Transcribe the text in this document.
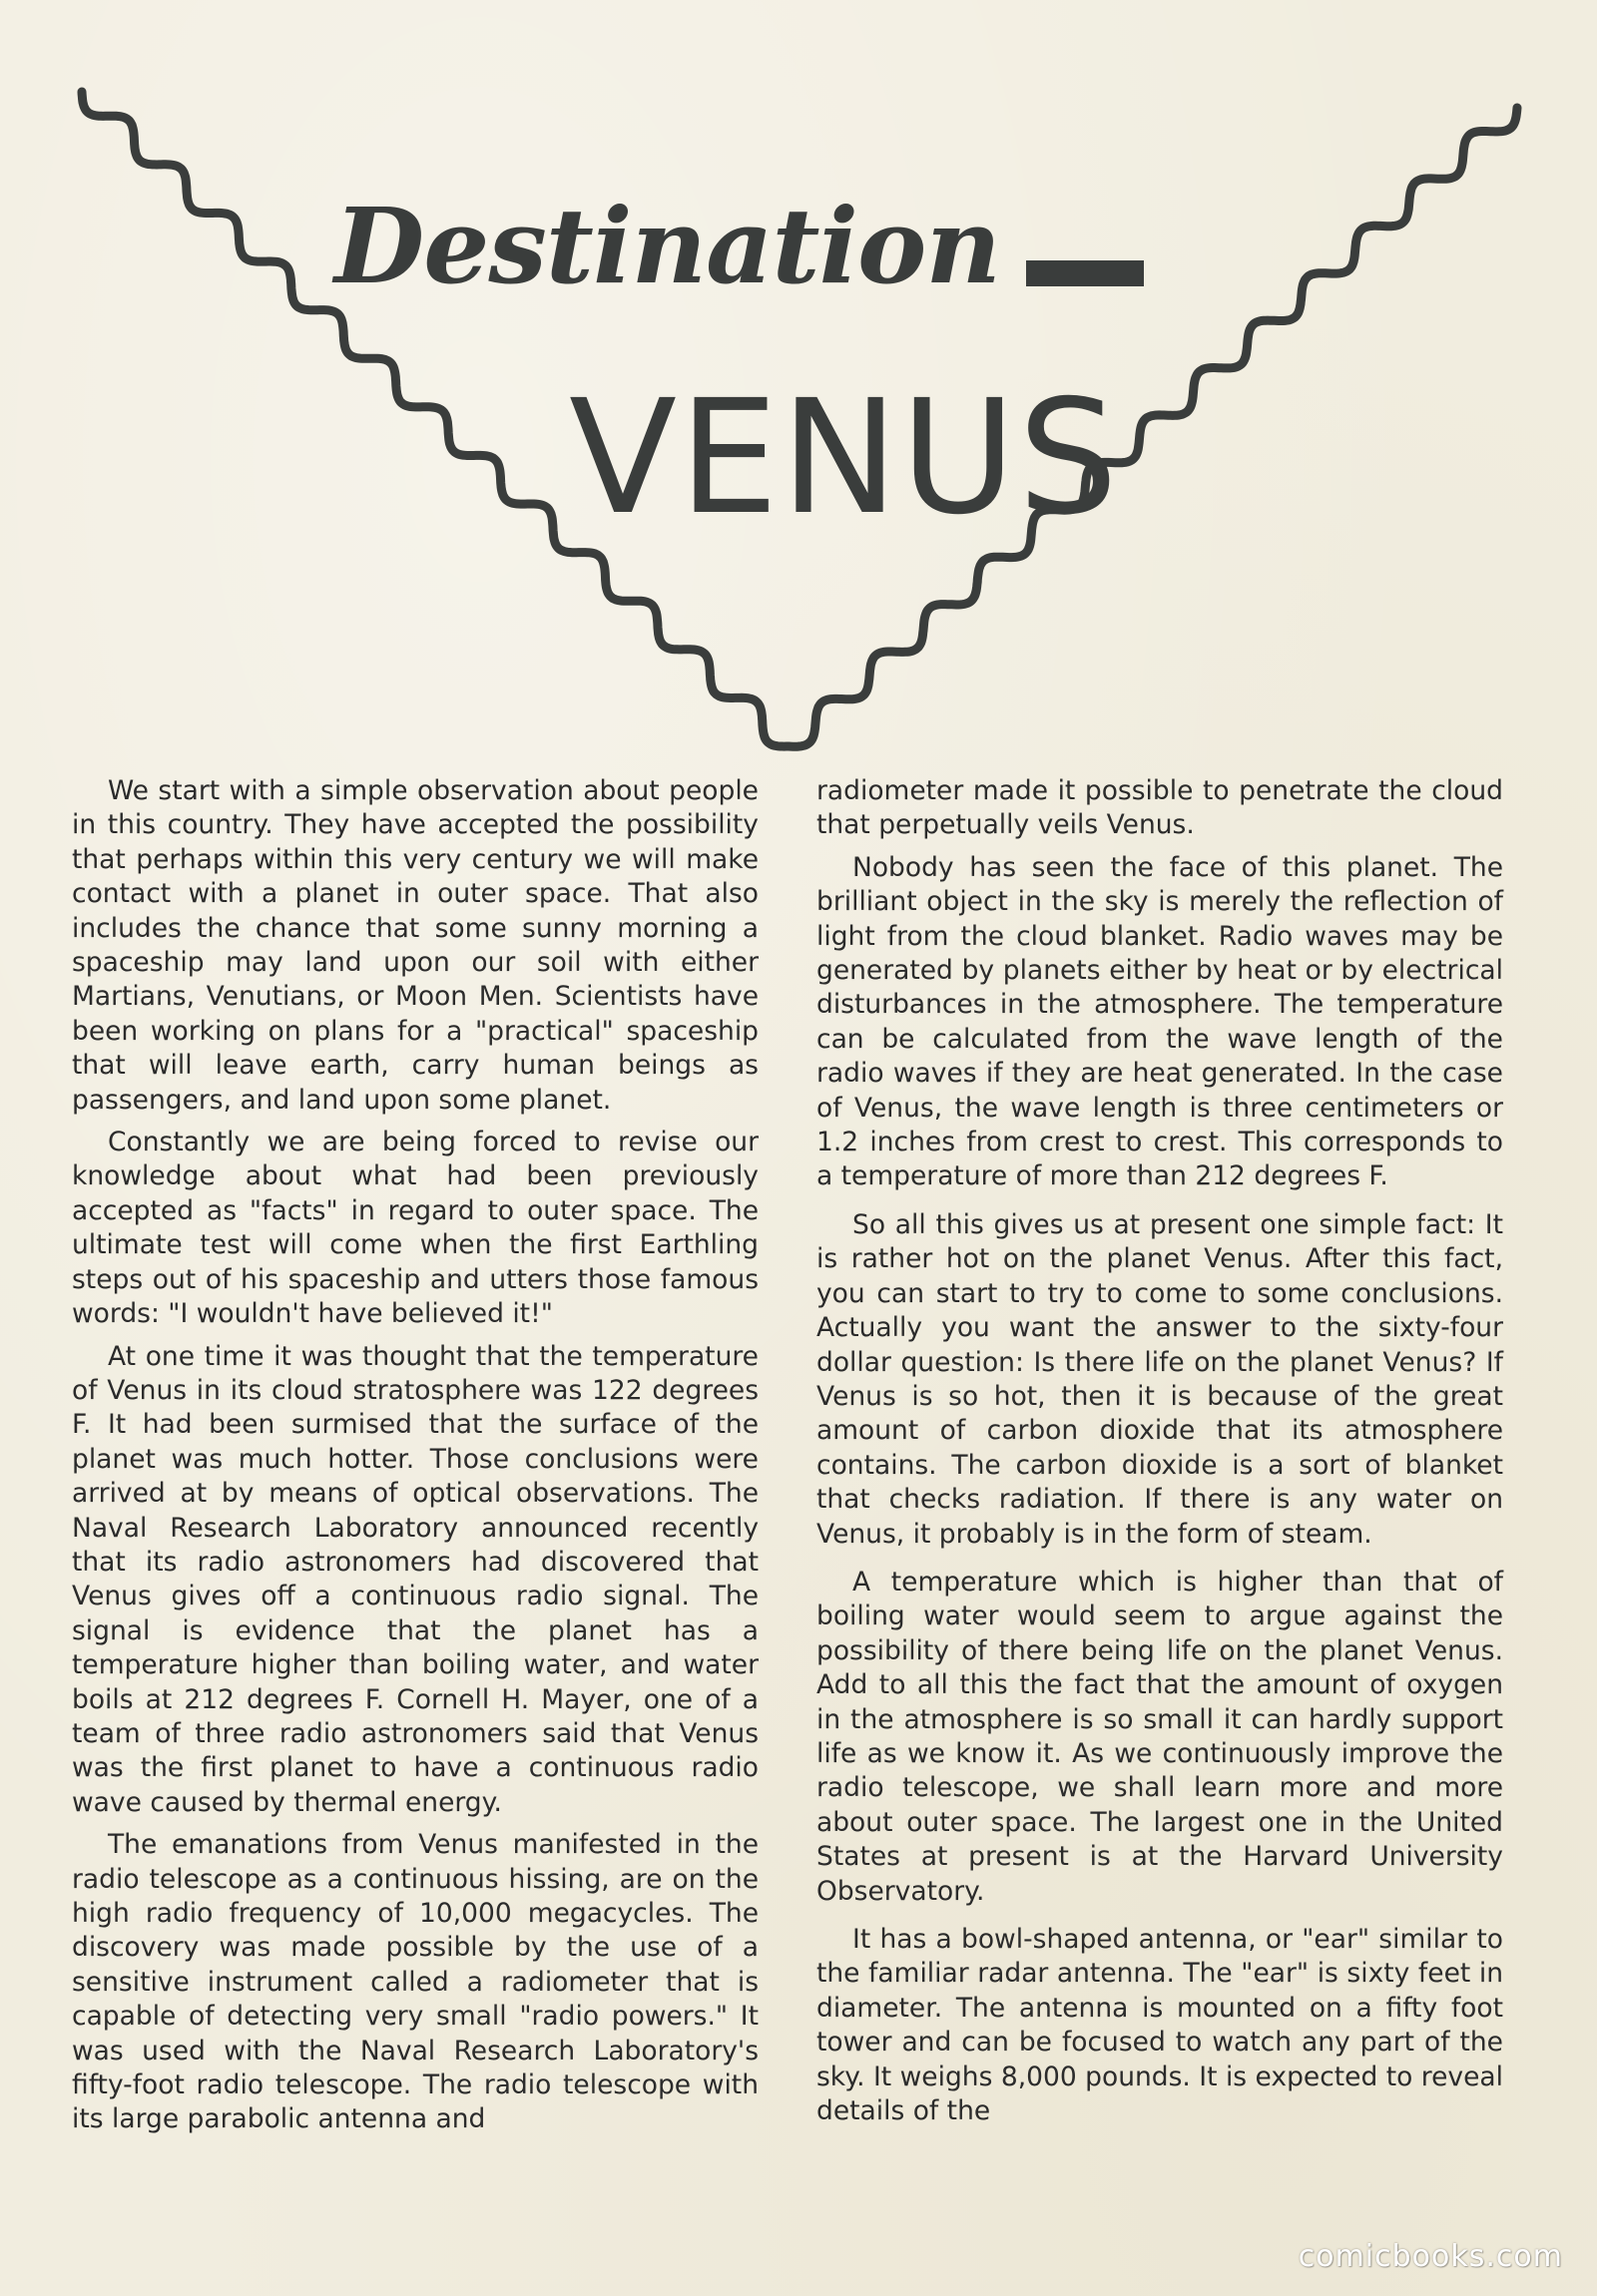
Destination
VENUS

We start with a simple observation about people in this country. They have accepted the possibility that perhaps within this very century we will make contact with a planet in outer space. That also includes the chance that some sunny morning a spaceship may land upon our soil with either Martians, Venutians, or Moon Men. Scientists have been working on plans for a "practical" spaceship that will leave earth, carry human beings as passengers, and land upon some planet.

Constantly we are being forced to revise our knowledge about what had been previously accepted as "facts" in regard to outer space. The ultimate test will come when the first Earthling steps out of his spaceship and utters those famous words: "I wouldn't have believed it!"

At one time it was thought that the temperature of Venus in its cloud stratosphere was 122 degrees F. It had been surmised that the surface of the planet was much hotter. Those conclusions were arrived at by means of optical observations. The Naval Research Laboratory announced recently that its radio astronomers had discovered that Venus gives off a continuous radio signal. The signal is evidence that the planet has a temperature higher than boiling water, and water boils at 212 degrees F. Cornell H. Mayer, one of a team of three radio astronomers said that Venus was the first planet to have a continuous radio wave caused by thermal energy.

The emanations from Venus manifested in the radio telescope as a continuous hissing, are on the high radio frequency of 10,000 megacycles. The discovery was made possible by the use of a sensitive instrument called a radiometer that is capable of detecting very small "radio powers." It was used with the Naval Research Laboratory's fifty-foot radio telescope. The radio telescope with its large parabolic antenna and

radiometer made it possible to penetrate the cloud that perpetually veils Venus.

Nobody has seen the face of this planet. The brilliant object in the sky is merely the reflection of light from the cloud blanket. Radio waves may be generated by planets either by heat or by electrical disturbances in the atmosphere. The temperature can be calculated from the wave length of the radio waves if they are heat generated. In the case of Venus, the wave length is three centimeters or 1.2 inches from crest to crest. This corresponds to a temperature of more than 212 degrees F.

So all this gives us at present one simple fact: It is rather hot on the planet Venus. After this fact, you can start to try to come to some conclusions. Actually you want the answer to the sixty-four dollar question: Is there life on the planet Venus? If Venus is so hot, then it is because of the great amount of carbon dioxide that its atmosphere contains. The carbon dioxide is a sort of blanket that checks radiation. If there is any water on Venus, it probably is in the form of steam.

A temperature which is higher than that of boiling water would seem to argue against the possibility of there being life on the planet Venus. Add to all this the fact that the amount of oxygen in the atmosphere is so small it can hardly support life as we know it. As we continuously improve the radio telescope, we shall learn more and more about outer space. The largest one in the United States at present is at the Harvard University Observatory.

It has a bowl-shaped antenna, or "ear" similar to the familiar radar antenna. The "ear" is sixty feet in diameter. The antenna is mounted on a fifty foot tower and can be focused to watch any part of the sky. It weighs 8,000 pounds. It is expected to reveal details of the

comicbooks.com
